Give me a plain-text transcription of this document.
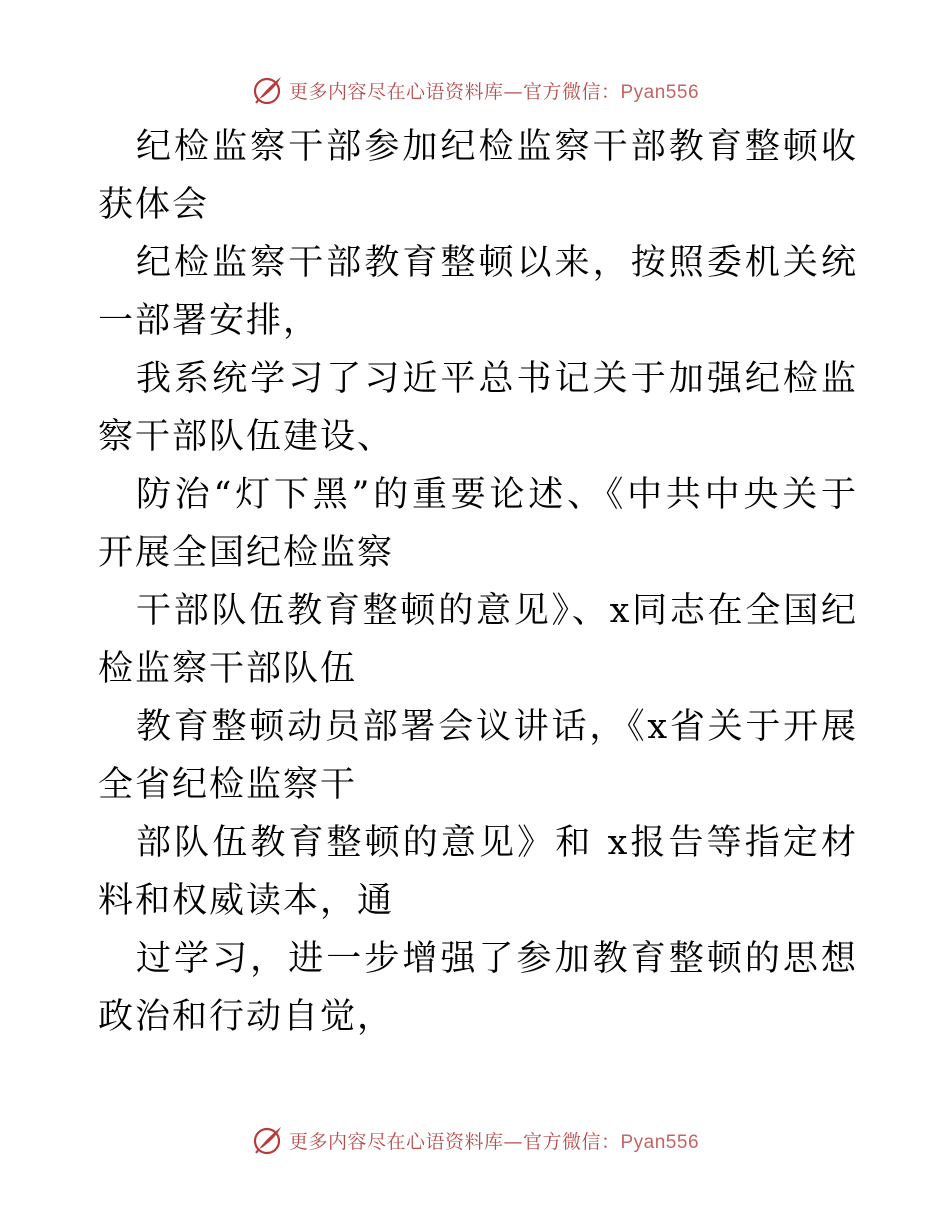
更多内容尽在心语资料库—官方微信：Pyan556

纪检监察干部参加纪检监察干部教育整顿收获体会

纪检监察干部教育整顿以来，按照委机关统一部署安排，

我系统学习了习近平总书记关于加强纪检监察干部队伍建设、

防治“灯下黑”的重要论述、《中共中央关于开展全国纪检监察

干部队伍教育整顿的意见》、x同志在全国纪检监察干部队伍

教育整顿动员部署会议讲话，《x省关于开展全省纪检监察干

部队伍教育整顿的意见》和 x报告等指定材料和权威读本，通

过学习，进一步增强了参加教育整顿的思想政治和行动自觉，

更多内容尽在心语资料库—官方微信：Pyan556
